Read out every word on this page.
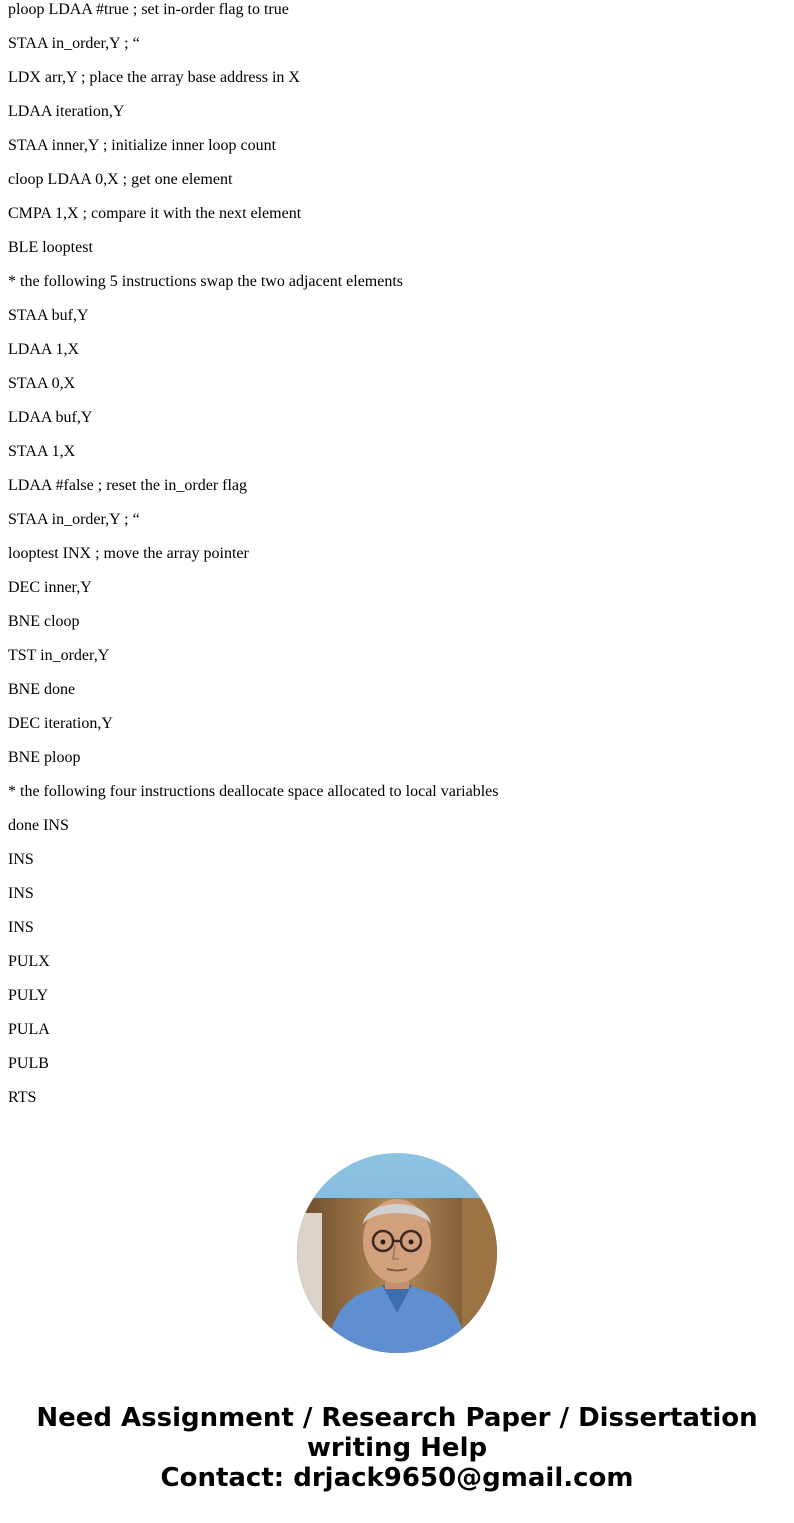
ploop LDAA #true ; set in-order flag to true
STAA in_order,Y ; “
LDX arr,Y ; place the array base address in X
LDAA iteration,Y
STAA inner,Y ; initialize inner loop count
cloop LDAA 0,X ; get one element
CMPA 1,X ; compare it with the next element
BLE looptest
* the following 5 instructions swap the two adjacent elements
STAA buf,Y
LDAA 1,X
STAA 0,X
LDAA buf,Y
STAA 1,X
LDAA #false ; reset the in_order flag
STAA in_order,Y ; “
looptest INX ; move the array pointer
DEC inner,Y
BNE cloop
TST in_order,Y
BNE done
DEC iteration,Y
BNE ploop
* the following four instructions deallocate space allocated to local variables
done INS
INS
INS
INS
PULX
PULY
PULA
PULB
RTS
Need Assignment / Research Paper / Dissertation
writing Help
Contact: drjack9650@gmail.com
